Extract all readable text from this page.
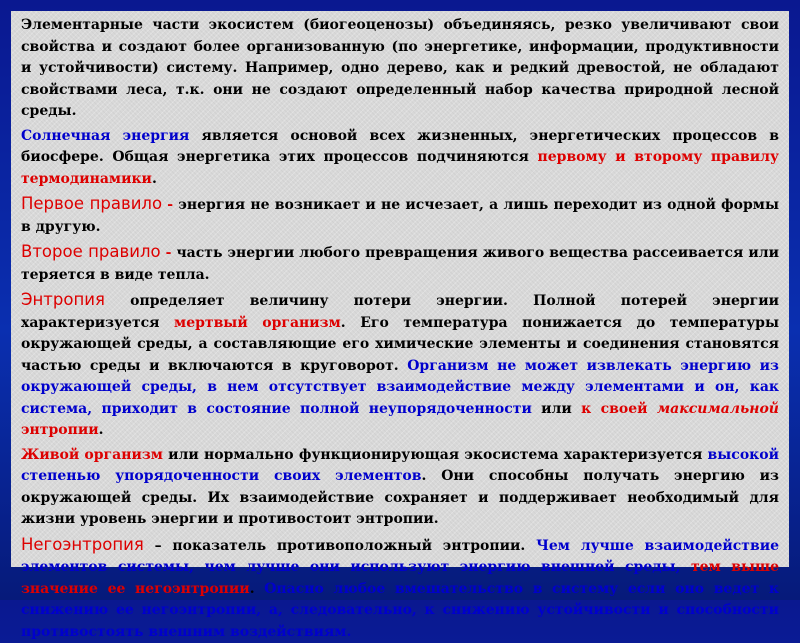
Элементарные части экосистем (биогеоценозы) объединяясь, резко увеличивают свои свойства и создают более организованную (по энергетике, информации, продуктивности и устойчивости) систему. Например, одно дерево, как и редкий древостой, не обладают свойствами леса, т.к. они не создают определенный набор качества природной лесной среды.

Солнечная энергия является основой всех жизненных, энергетических процессов в биосфере. Общая энергетика этих процессов подчиняются первому и второму правилу термодинамики.

Первое правило - энергия не возникает и не исчезает, а лишь переходит из одной формы в другую.

Второе правило - часть энергии любого превращения живого вещества рассеивается или теряется в виде тепла.

Энтропия определяет величину потери энергии. Полной потерей энергии характеризуется мертвый организм. Его температура понижается до температуры окружающей среды, а составляющие его химические элементы и соединения становятся частью среды и включаются в круговорот. Организм не может извлекать энергию из окружающей среды, в нем отсутствует взаимодействие между элементами и он, как система, приходит в состояние полной неупорядоченности или к своей максимальной энтропии.

Живой организм или нормально функционирующая экосистема характеризуется высокой степенью упорядоченности своих элементов. Они способны получать энергию из окружающей среды. Их взаимодействие сохраняет и поддерживает необходимый для жизни уровень энергии и противостоит энтропии.

Негоэнтропия – показатель противоположный энтропии. Чем лучше взаимодействие элементов системы, чем лучше они используют энергию внешней среды, тем выше значение ее негоэнтропии. Опасно любое вмешательство в систему если оно ведет к снижению ее негоэнтропии, а, следовательно, к снижению устойчивости и способности противостоять внешним воздействиям.
